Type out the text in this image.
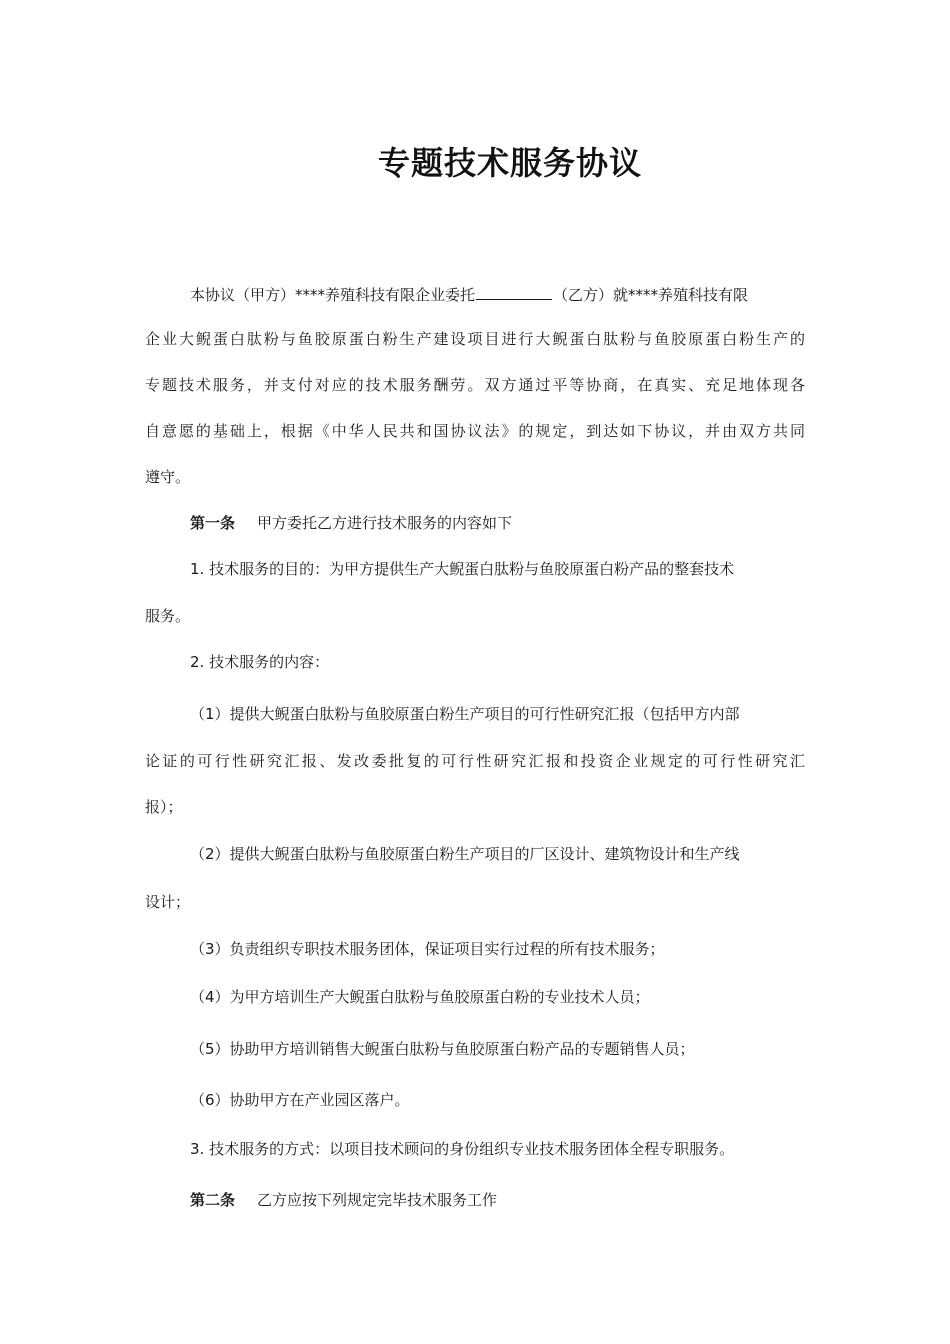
专题技术服务协议
本协议（甲方）****养殖科技有限企业委托	（乙方）就****养殖科技有限
企业大鲵蛋白肽粉与鱼胶原蛋白粉生产建设项目进行大鲵蛋白肽粉与鱼胶原蛋白粉生产的
专题技术服务，并支付对应的技术服务酬劳。双方通过平等协商，在真实、充足地体现各
自意愿的基础上，根据《中华人民共和国协议法》的规定，到达如下协议，并由双方共同
遵守。
第一条 甲方委托乙方进行技术服务的内容如下
1. 技术服务的目的：为甲方提供生产大鲵蛋白肽粉与鱼胶原蛋白粉产品的整套技术
服务。
2. 技术服务的内容：
（1）提供大鲵蛋白肽粉与鱼胶原蛋白粉生产项目的可行性研究汇报（包括甲方内部
论证的可行性研究汇报、发改委批复的可行性研究汇报和投资企业规定的可行性研究汇
报）；
（2）提供大鲵蛋白肽粉与鱼胶原蛋白粉生产项目的厂区设计、建筑物设计和生产线
设计；
（3）负责组织专职技术服务团体，保证项目实行过程的所有技术服务；
（4）为甲方培训生产大鲵蛋白肽粉与鱼胶原蛋白粉的专业技术人员；
（5）协助甲方培训销售大鲵蛋白肽粉与鱼胶原蛋白粉产品的专题销售人员；
（6）协助甲方在产业园区落户。
3. 技术服务的方式：以项目技术顾问的身份组织专业技术服务团体全程专职服务。
第二条 乙方应按下列规定完毕技术服务工作
